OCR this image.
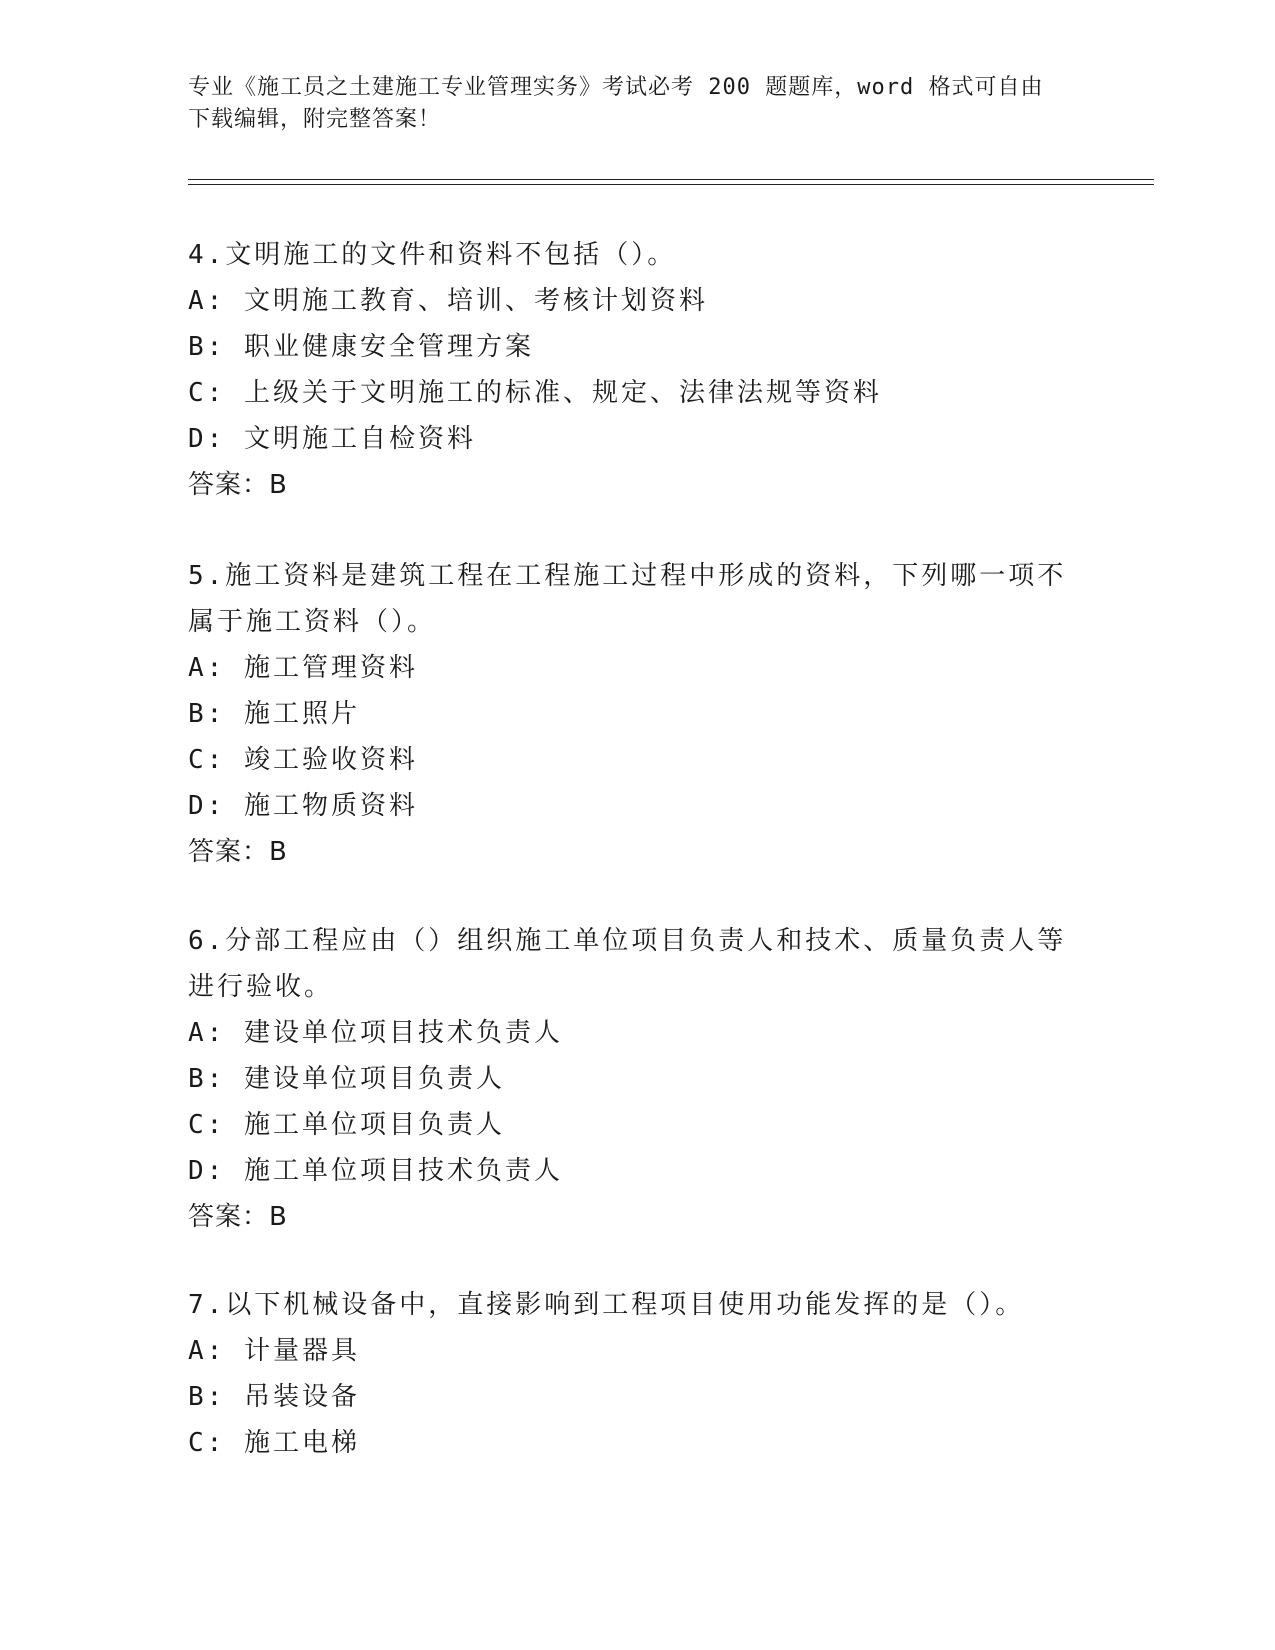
专业《施工员之土建施工专业管理实务》考试必考 200 题题库，word 格式可自由
下载编辑，附完整答案！
4.文明施工的文件和资料不包括（）。
A: 文明施工教育、培训、考核计划资料
B: 职业健康安全管理方案
C: 上级关于文明施工的标准、规定、法律法规等资料
D: 文明施工自检资料
答案：B
5.施工资料是建筑工程在工程施工过程中形成的资料，下列哪一项不
属于施工资料（）。
A: 施工管理资料
B: 施工照片
C: 竣工验收资料
D: 施工物质资料
答案：B
6.分部工程应由（）组织施工单位项目负责人和技术、质量负责人等
进行验收。
A: 建设单位项目技术负责人
B: 建设单位项目负责人
C: 施工单位项目负责人
D: 施工单位项目技术负责人
答案：B
7.以下机械设备中，直接影响到工程项目使用功能发挥的是（）。
A: 计量器具
B: 吊装设备
C: 施工电梯
